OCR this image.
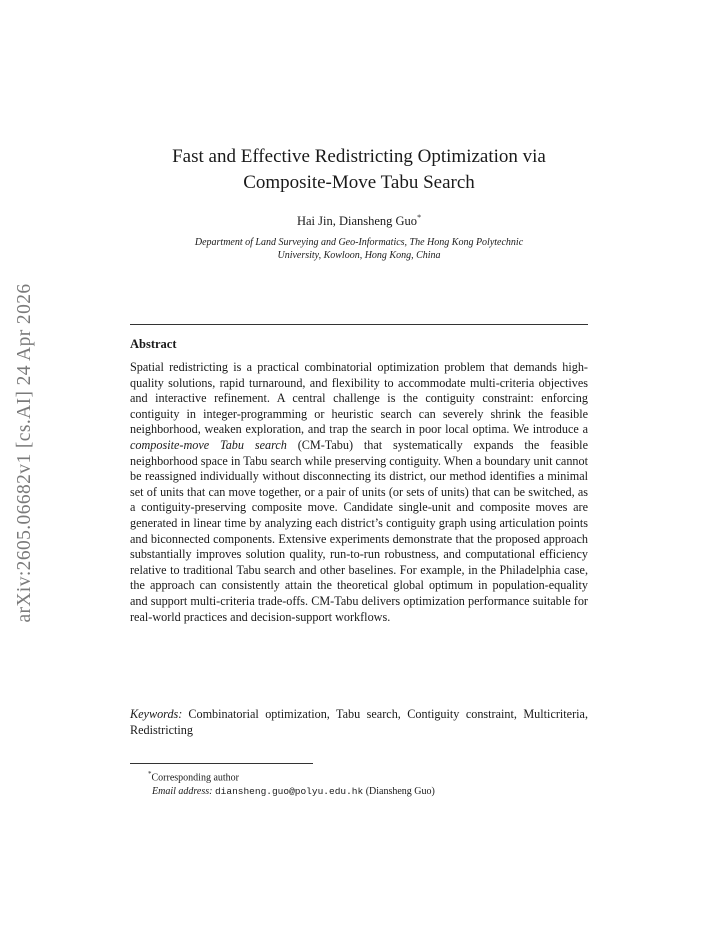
arXiv:2605.06682v1 [cs.AI] 24 Apr 2026
Fast and Effective Redistricting Optimization via
Composite-Move Tabu Search
Hai Jin, Diansheng Guo*
Department of Land Surveying and Geo-Informatics, The Hong Kong Polytechnic
University, Kowloon, Hong Kong, China
Abstract
Spatial redistricting is a practical combinatorial optimization problem that demands high-quality solutions, rapid turnaround, and flexibility to accommodate multi-criteria objectives and interactive refinement. A central challenge is the contiguity constraint: enforcing contiguity in integer-programming or heuristic search can severely shrink the feasible neighborhood, weaken exploration, and trap the search in poor local optima. We introduce a composite-move Tabu search (CM-Tabu) that systematically expands the feasible neighborhood space in Tabu search while preserving contiguity. When a boundary unit cannot be reassigned individually without disconnecting its district, our method identifies a minimal set of units that can move together, or a pair of units (or sets of units) that can be switched, as a contiguity-preserving composite move. Candidate single-unit and composite moves are generated in linear time by analyzing each district’s contiguity graph using articulation points and biconnected components. Extensive experiments demonstrate that the proposed approach substantially improves solution quality, run-to-run robustness, and computational efficiency relative to traditional Tabu search and other baselines. For example, in the Philadelphia case, the approach can consistently attain the theoretical global optimum in population-equality and support multi-criteria trade-offs. CM-Tabu delivers optimization performance suitable for real-world practices and decision-support workflows.
Keywords: Combinatorial optimization, Tabu search, Contiguity constraint, Multicriteria, Redistricting
*Corresponding author
Email address: diansheng.guo@polyu.edu.hk (Diansheng Guo)
